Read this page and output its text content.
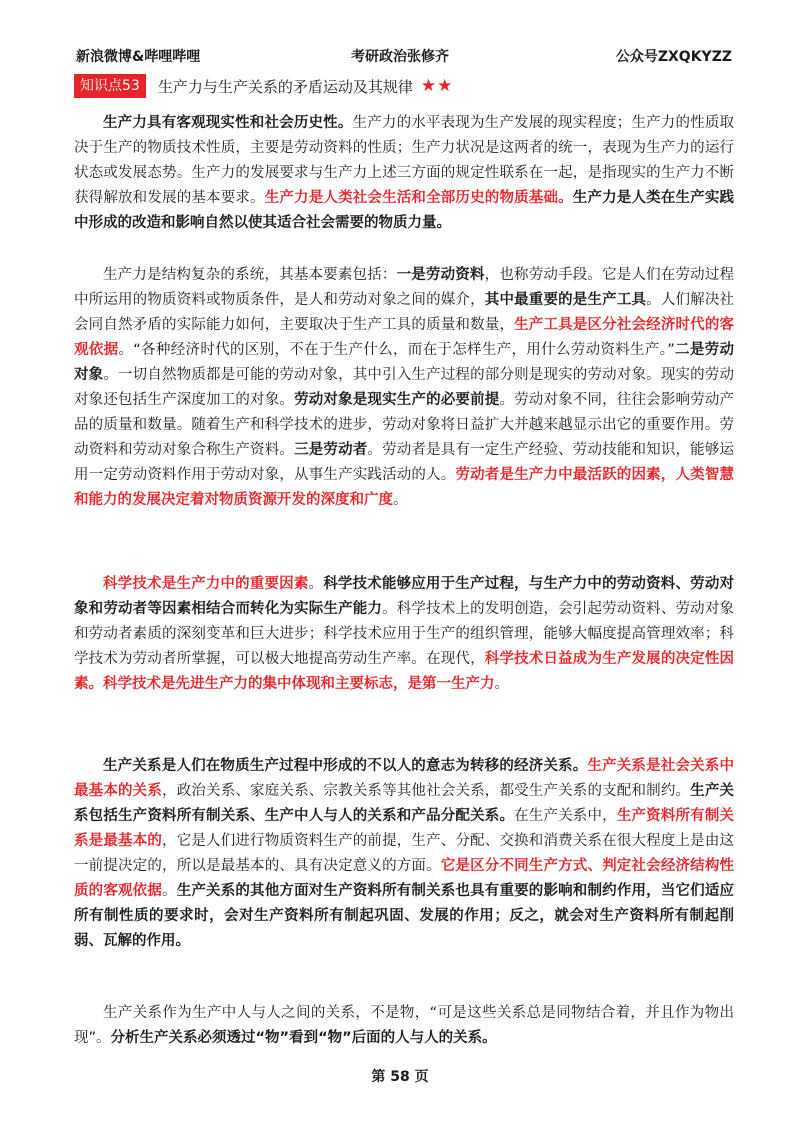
新浪微博&哔哩哔哩	考研政治张修齐	公众号ZXQKYZZ
知识点53	生产力与生产关系的矛盾运动及其规律 ★★

生产力具有客观现实性和社会历史性。生产力的水平表现为生产发展的现实程度；生产力的性质取决于生产的物质技术性质，主要是劳动资料的性质；生产力状况是这两者的统一，表现为生产力的运行状态或发展态势。生产力的发展要求与生产力上述三方面的规定性联系在一起，是指现实的生产力不断获得解放和发展的基本要求。生产力是人类社会生活和全部历史的物质基础。生产力是人类在生产实践中形成的改造和影响自然以使其适合社会需要的物质力量。

生产力是结构复杂的系统，其基本要素包括：一是劳动资料，也称劳动手段。它是人们在劳动过程中所运用的物质资料或物质条件，是人和劳动对象之间的媒介，其中最重要的是生产工具。人们解决社会同自然矛盾的实际能力如何，主要取决于生产工具的质量和数量，生产工具是区分社会经济时代的客观依据。“各种经济时代的区别，不在于生产什么，而在于怎样生产，用什么劳动资料生产。”二是劳动对象。一切自然物质都是可能的劳动对象，其中引入生产过程的部分则是现实的劳动对象。现实的劳动对象还包括生产深度加工的对象。劳动对象是现实生产的必要前提。劳动对象不同，往往会影响劳动产品的质量和数量。随着生产和科学技术的进步，劳动对象将日益扩大并越来越显示出它的重要作用。劳动资料和劳动对象合称生产资料。三是劳动者。劳动者是具有一定生产经验、劳动技能和知识，能够运用一定劳动资料作用于劳动对象，从事生产实践活动的人。劳动者是生产力中最活跃的因素，人类智慧和能力的发展决定着对物质资源开发的深度和广度。

科学技术是生产力中的重要因素。科学技术能够应用于生产过程，与生产力中的劳动资料、劳动对象和劳动者等因素相结合而转化为实际生产能力。科学技术上的发明创造，会引起劳动资料、劳动对象和劳动者素质的深刻变革和巨大进步；科学技术应用于生产的组织管理，能够大幅度提高管理效率；科学技术为劳动者所掌握，可以极大地提高劳动生产率。在现代，科学技术日益成为生产发展的决定性因素。科学技术是先进生产力的集中体现和主要标志，是第一生产力。

生产关系是人们在物质生产过程中形成的不以人的意志为转移的经济关系。生产关系是社会关系中最基本的关系，政治关系、家庭关系、宗教关系等其他社会关系，都受生产关系的支配和制约。生产关系包括生产资料所有制关系、生产中人与人的关系和产品分配关系。在生产关系中，生产资料所有制关系是最基本的，它是人们进行物质资料生产的前提，生产、分配、交换和消费关系在很大程度上是由这一前提决定的，所以是最基本的、具有决定意义的方面。它是区分不同生产方式、判定社会经济结构性质的客观依据。生产关系的其他方面对生产资料所有制关系也具有重要的影响和制约作用，当它们适应所有制性质的要求时，会对生产资料所有制起巩固、发展的作用；反之，就会对生产资料所有制起削弱、瓦解的作用。

生产关系作为生产中人与人之间的关系，不是物，“可是这些关系总是同物结合着，并且作为物出现”。分析生产关系必须透过“物”看到“物”后面的人与人的关系。

第 58 页
